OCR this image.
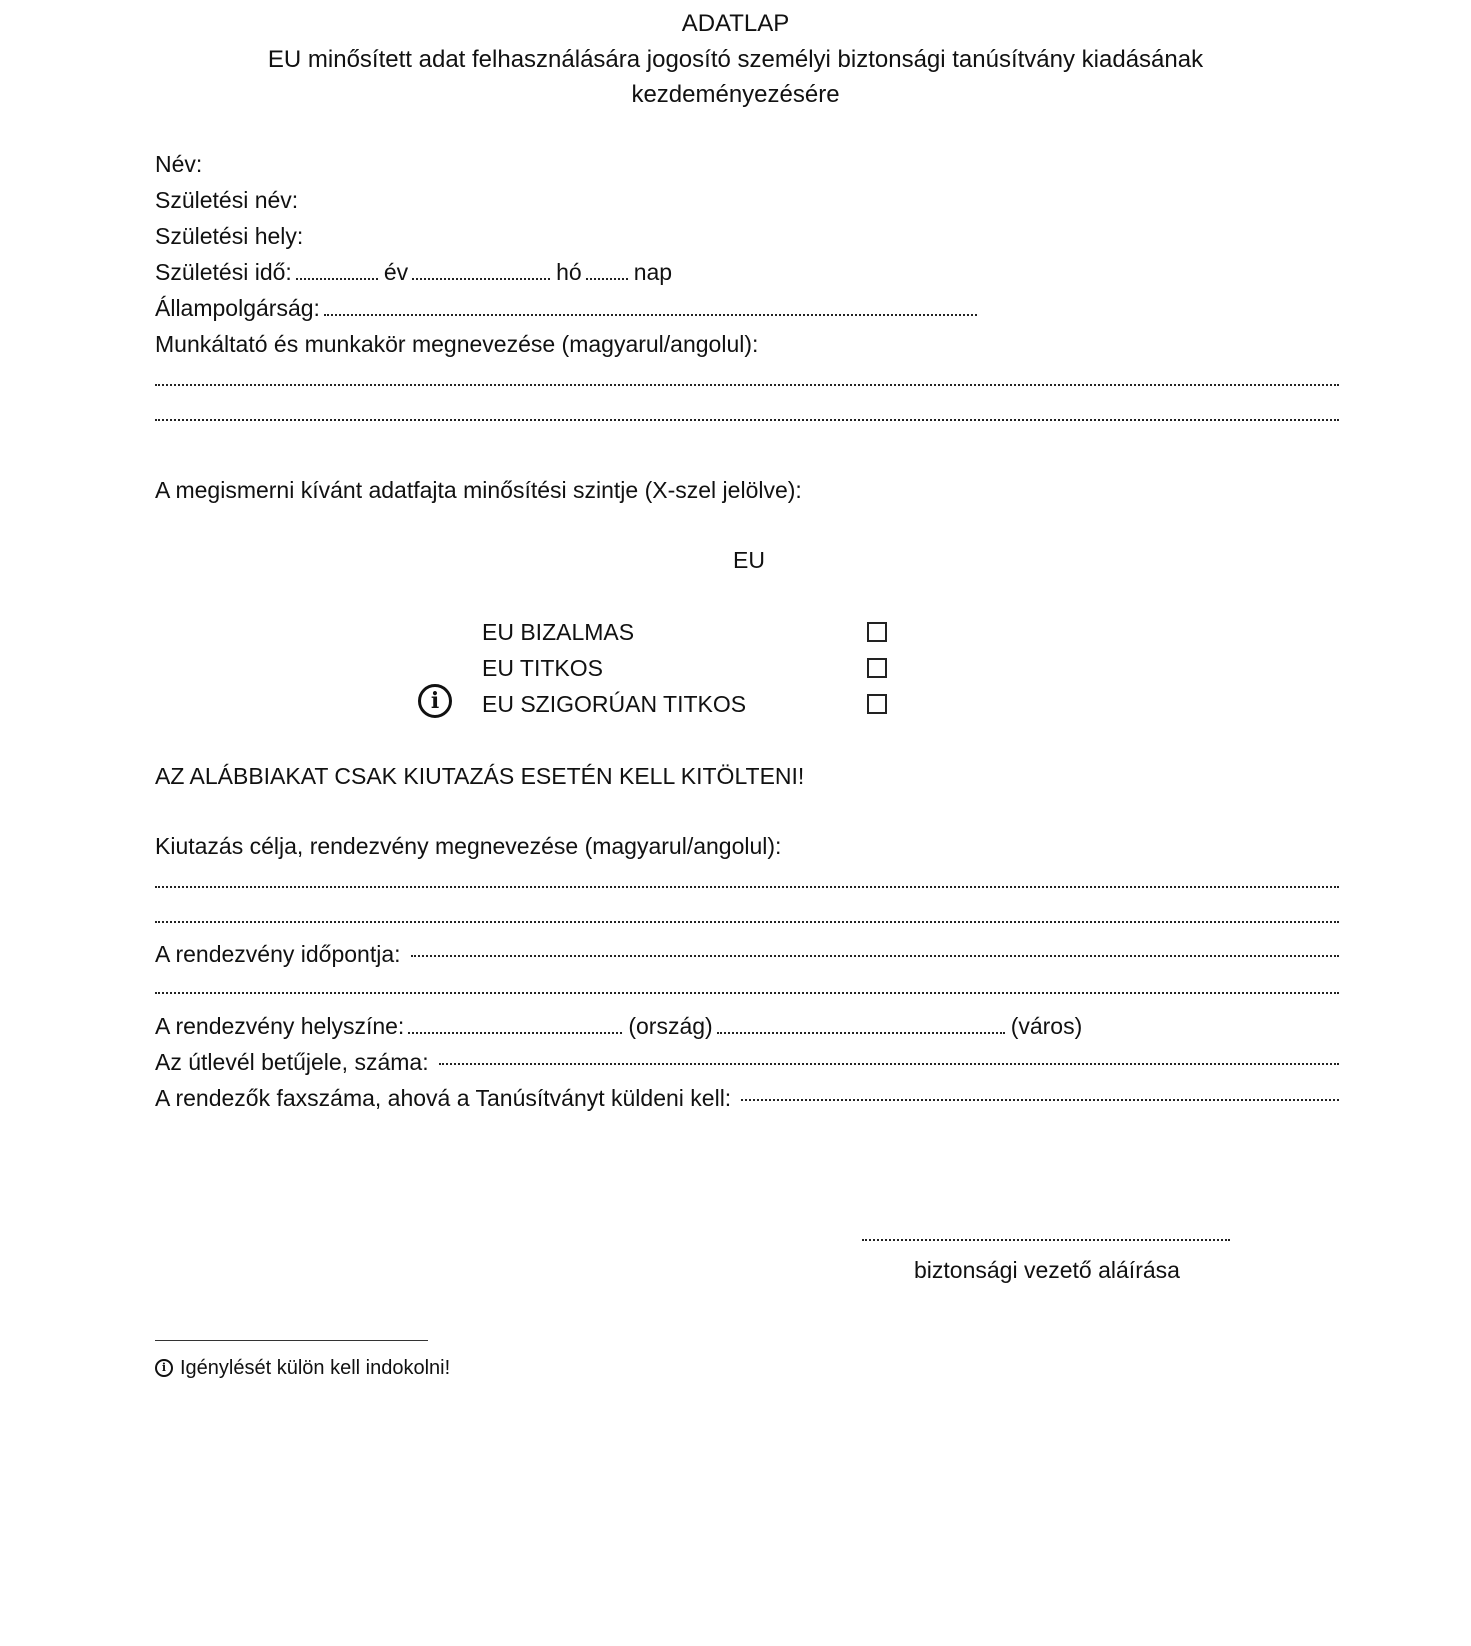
ADATLAP
EU minősített adat felhasználására jogosító személyi biztonsági tanúsítvány kiadásának
kezdeményezésére
Név:
Születési név:
Születési hely:
Születési idő:	év	hó nap
Állampolgárság:
Munkáltató és munkakör megnevezése (magyarul/angolul):
A megismerni kívánt adatfajta minősítési szintje (X-szel jelölve):
EU
EU BIZALMAS
EU TITKOS
i	EU SZIGORÚAN TITKOS
AZ ALÁBBIAKAT CSAK KIUTAZÁS ESETÉN KELL KITÖLTENI!
Kiutazás célja, rendezvény megnevezése (magyarul/angolul):
A rendezvény időpontja:
A rendezvény helyszíne:	(ország)	(város)
Az útlevél betűjele, száma:
A rendezők faxszáma, ahová a Tanúsítványt küldeni kell:
biztonsági vezető aláírása
i Igénylését külön kell indokolni!
